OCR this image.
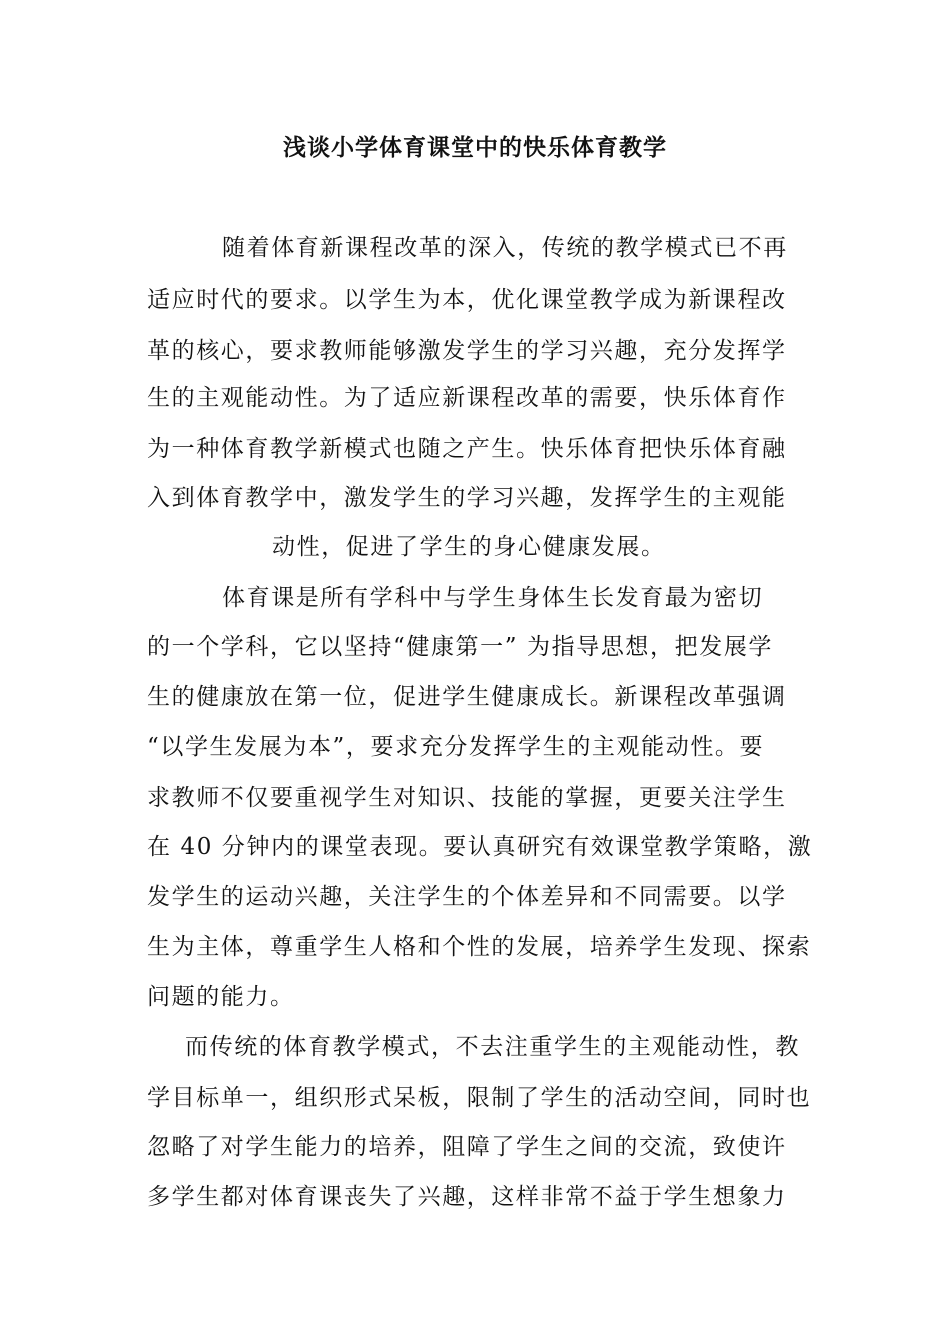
浅谈小学体育课堂中的快乐体育教学
随着体育新课程改革的深入，传统的教学模式已不再
适应时代的要求。以学生为本，优化课堂教学成为新课程改
革的核心，要求教师能够激发学生的学习兴趣，充分发挥学
生的主观能动性。为了适应新课程改革的需要，快乐体育作
为一种体育教学新模式也随之产生。快乐体育把快乐体育融
入到体育教学中，激发学生的学习兴趣，发挥学生的主观能
动性，促进了学生的身心健康发展。
体育课是所有学科中与学生身体生长发育最为密切
的一个学科，它以坚持“健康第一” 为指导思想，把发展学
生的健康放在第一位，促进学生健康成长。新课程改革强调
“以学生发展为本”，要求充分发挥学生的主观能动性。要
求教师不仅要重视学生对知识、技能的掌握，更要关注学生
在 40 分钟内的课堂表现。要认真研究有效课堂教学策略，激
发学生的运动兴趣，关注学生的个体差异和不同需要。以学
生为主体，尊重学生人格和个性的发展，培养学生发现、探索
问题的能力。
而传统的体育教学模式，不去注重学生的主观能动性，教
学目标单一，组织形式呆板，限制了学生的活动空间，同时也
忽略了对学生能力的培养，阻障了学生之间的交流，致使许
多学生都对体育课丧失了兴趣，这样非常不益于学生想象力
